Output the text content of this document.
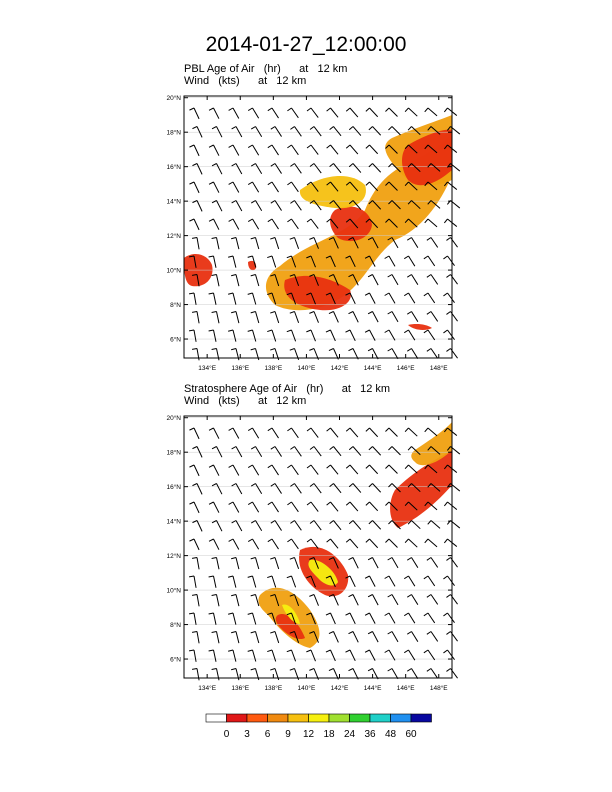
2014-01-27_12:00:00
PBL Age of Air   (hr)      at   12 km
Wind   (kts)      at   12 km
Stratosphere Age of Air   (hr)      at   12 km
Wind   (kts)      at   12 km
6°N
8°N
10°N
12°N
14°N
16°N
18°N
20°N
134°E 136°E 138°E 140°E 142°E 144°E 146°E 148°E
6°N
8°N
10°N
12°N
14°N
16°N
18°N
20°N
134°E 136°E 138°E 140°E 142°E 144°E 146°E 148°E
0 3 6 9 12 18 24 36 48 60
